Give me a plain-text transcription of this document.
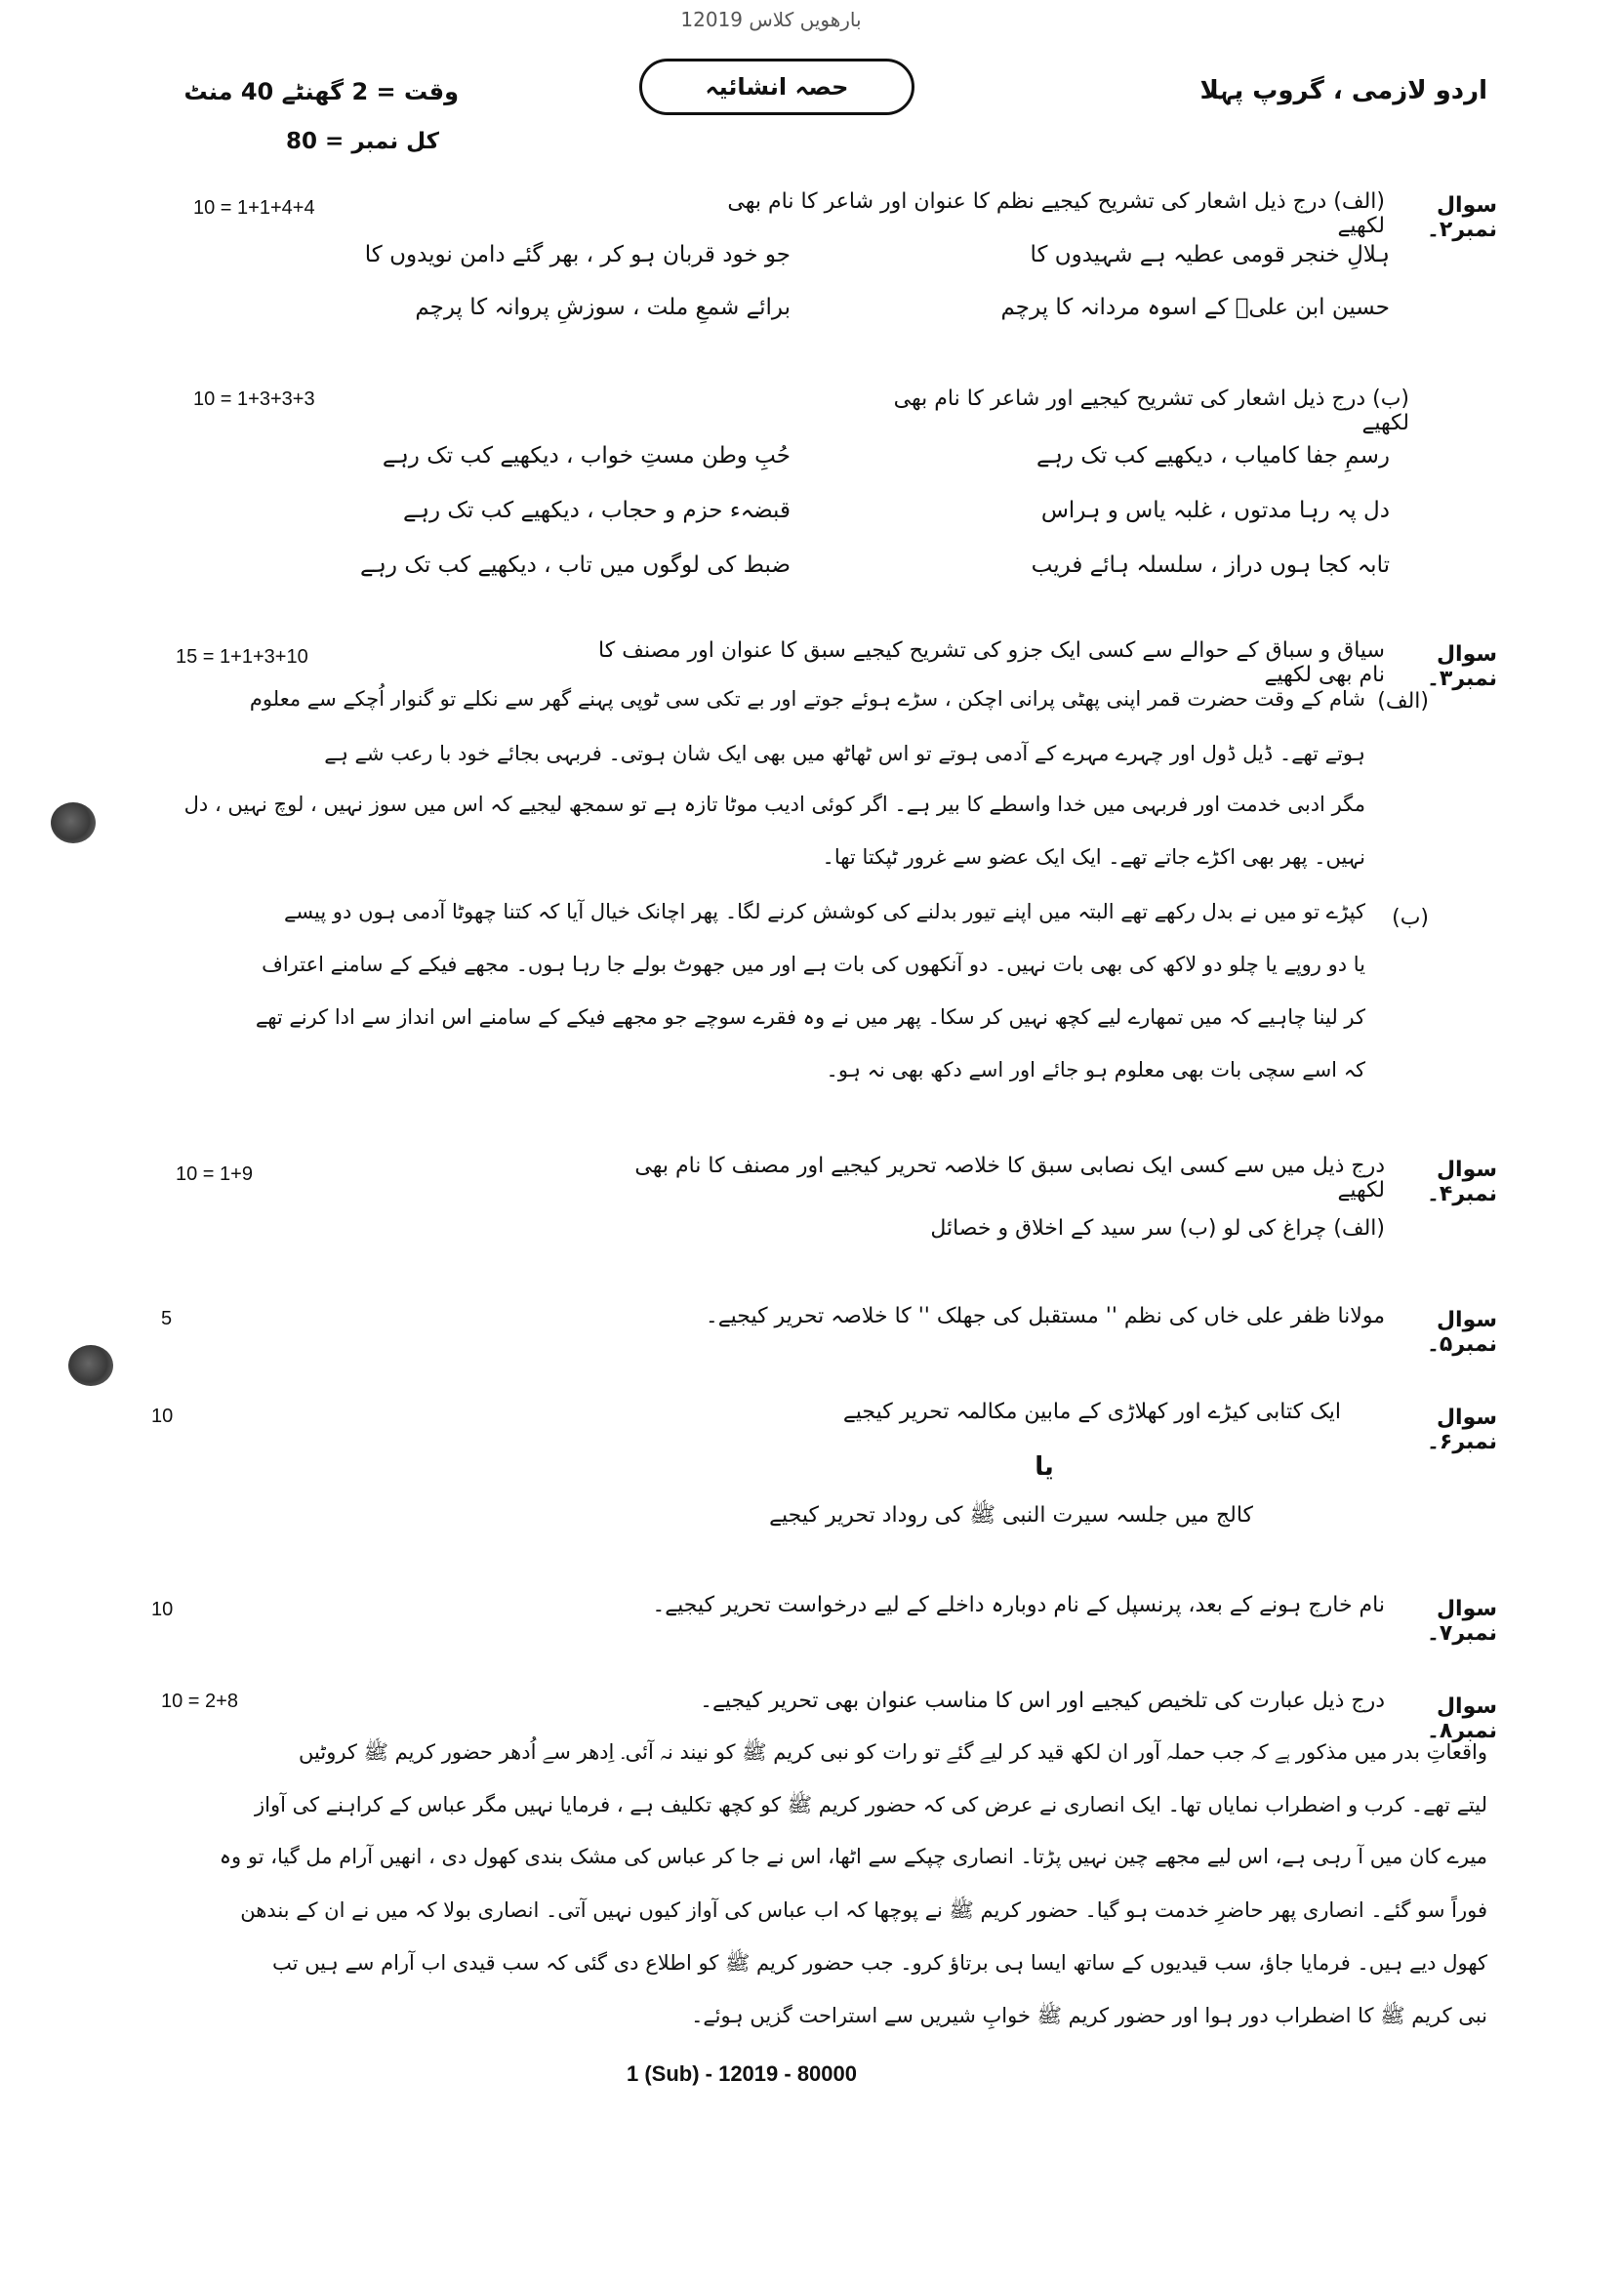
بارھویں کلاس 12019
اردو لازمی ، گروپ پہلا
حصہ انشائیہ
وقت = 2 گھنٹے 40 منٹ
کل نمبر = 80
سوال نمبر۲۔
(الف) درج ذیل اشعار کی تشریح کیجیے نظم کا عنوان اور شاعر کا نام بھی لکھیے
10 = 1+1+4+4
ہلالِ خنجر قومی عطیہ ہے شہیدوں کا
جو خود قربان ہو کر ، بھر گئے دامن نویدوں کا
حسین ابن علیؓ کے اسوہ مردانہ کا پرچم
برائے شمعِ ملت ، سوزشِ پروانہ کا پرچم
(ب) درج ذیل اشعار کی تشریح کیجیے اور شاعر کا نام بھی لکھیے
10 = 1+3+3+3
رسمِ جفا کامیاب ، دیکھیے کب تک رہے
حُبِ وطن مستِ خواب ، دیکھیے کب تک رہے
دل پہ رہا مدتوں ، غلبہ یاس و ہراس
قبضہء حزم و حجاب ، دیکھیے کب تک رہے
تابہ کجا ہوں دراز ، سلسلہ ہائے فریب
ضبط کی لوگوں میں تاب ، دیکھیے کب تک رہے
سوال نمبر۳۔
سیاق و سباق کے حوالے سے کسی ایک جزو کی تشریح کیجیے سبق کا عنوان اور مصنف کا نام بھی لکھیے
15 = 1+1+3+10
(الف)
شام کے وقت حضرت قمر اپنی پھٹی پرانی اچکن ، سڑے ہوئے جوتے اور بے تکی سی ٹوپی پہنے گھر سے نکلے تو گنوار اُچکے سے معلوم
ہوتے تھے۔ ڈیل ڈول اور چہرے مہرے کے آدمی ہوتے تو اس ٹھاٹھ میں بھی ایک شان ہوتی۔ فربہی بجائے خود با رعب شے ہے
مگر ادبی خدمت اور فربہی میں خدا واسطے کا بیر ہے۔ اگر کوئی ادیب موٹا تازہ ہے تو سمجھ لیجیے کہ اس میں سوز نہیں ، لوچ نہیں ، دل
نہیں۔ پھر بھی اکڑے جاتے تھے۔ ایک ایک عضو سے غرور ٹپکتا تھا۔
(ب)
کپڑے تو میں نے بدل رکھے تھے البتہ میں اپنے تیور بدلنے کی کوشش کرنے لگا۔ پھر اچانک خیال آیا کہ کتنا چھوٹا آدمی ہوں دو پیسے
یا دو روپے یا چلو دو لاکھ کی بھی بات نہیں۔ دو آنکھوں کی بات ہے اور میں جھوٹ بولے جا رہا ہوں۔ مجھے فیکے کے سامنے اعتراف
کر لینا چاہیے کہ میں تمھارے لیے کچھ نہیں کر سکا۔ پھر میں نے وہ فقرے سوچے جو مجھے فیکے کے سامنے اس انداز سے ادا کرنے تھے
کہ اسے سچی بات بھی معلوم ہو جائے اور اسے دکھ بھی نہ ہو۔
سوال نمبر۴۔
درج ذیل میں سے کسی ایک نصابی سبق کا خلاصہ تحریر کیجیے اور مصنف کا نام بھی لکھیے
10 = 1+9
(الف) چراغ کی لو (ب) سر سید کے اخلاق و خصائل
سوال نمبر۵۔
مولانا ظفر علی خاں کی نظم '' مستقبل کی جھلک '' کا خلاصہ تحریر کیجیے۔
5
سوال نمبر۶۔
ایک کتابی کیڑے اور کھلاڑی کے مابین مکالمہ تحریر کیجیے
10
یا
کالج میں جلسہ سیرت النبی ﷺ کی روداد تحریر کیجیے
سوال نمبر۷۔
نام خارج ہونے کے بعد، پرنسپل کے نام دوبارہ داخلے کے لیے درخواست تحریر کیجیے۔
10
سوال نمبر۸۔
درج ذیل عبارت کی تلخیص کیجیے اور اس کا مناسب عنوان بھی تحریر کیجیے۔
10 = 2+8
واقعاتِ بدر میں مذکور ہے کہ جب حملہ آور ان لکھ قید کر لیے گئے تو رات کو نبی کریم ﷺ کو نیند نہ آئی۔ اِدھر سے اُدھر حضور کریم ﷺ کروٹیں
لیتے تھے۔ کرب و اضطراب نمایاں تھا۔ ایک انصاری نے عرض کی کہ حضور کریم ﷺ کو کچھ تکلیف ہے ، فرمایا نہیں مگر عباس کے کراہنے کی آواز
میرے کان میں آ رہی ہے، اس لیے مجھے چین نہیں پڑتا۔ انصاری چپکے سے اٹھا، اس نے جا کر عباس کی مشک بندی کھول دی ، انھیں آرام مل گیا، تو وہ
فوراً سو گئے۔ انصاری پھر حاضرِ خدمت ہو گیا۔ حضور کریم ﷺ نے پوچھا کہ اب عباس کی آواز کیوں نہیں آتی۔ انصاری بولا کہ میں نے ان کے بندھن
کھول دیے ہیں۔ فرمایا جاؤ، سب قیدیوں کے ساتھ ایسا ہی برتاؤ کرو۔ جب حضور کریم ﷺ کو اطلاع دی گئی کہ سب قیدی اب آرام سے ہیں تب
نبی کریم ﷺ کا اضطراب دور ہوا اور حضور کریم ﷺ خوابِ شیریں سے استراحت گزیں ہوئے۔
1 (Sub) - 12019 - 80000
